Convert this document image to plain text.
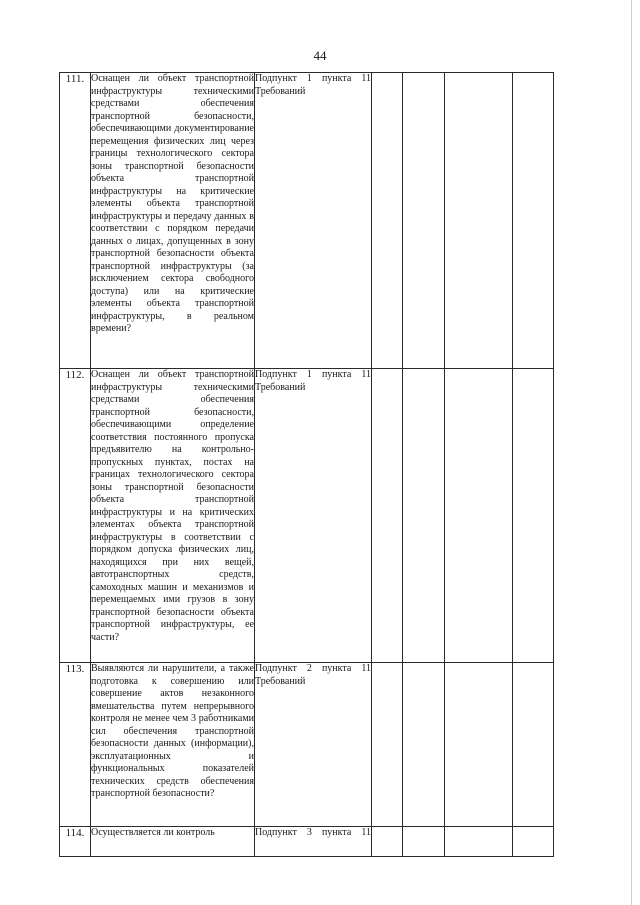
44
111.	Оснащен ли объект транспортной инфраструктуры техническими средствами обеспечения транспортной безопасности, обеспечивающими документирование перемещения физических лиц через границы технологического сектора зоны транспортной безопасности объекта транспортной инфраструктуры на критические элементы объекта транспортной инфраструктуры и передачу данных в соответствии с порядком передачи данных о лицах, допущенных в зону транспортной безопасности объекта транспортной инфраструктуры (за исключением сектора свободного доступа) или на критические элементы объекта транспортной инфраструктуры, в реальном времени?	Подпункт 1 пункта 11
Требований				

112.	Оснащен ли объект транспортной инфраструктуры техническими средствами обеспечения транспортной безопасности, обеспечивающими определение соответствия постоянного пропуска предъявителю на контрольно-пропускных пунктах, постах на границах технологического сектора зоны транспортной безопасности объекта транспортной инфраструктуры и на критических элементах объекта транспортной инфраструктуры в соответствии с порядком допуска физических лиц, находящихся при них вещей, автотранспортных средств, самоходных машин и механизмов и перемещаемых ими грузов в зону транспортной безопасности объекта транспортной инфраструктуры, ее части?	Подпункт 1 пункта 11
Требований				

113.	Выявляются ли нарушители, а также подготовка к совершению или совершение актов незаконного вмешательства путем непрерывного контроля не менее чем 3 работниками сил обеспечения транспортной безопасности данных (информации), эксплуатационных и функциональных показателей технических средств обеспечения транспортной безопасности?	Подпункт 2 пункта 11
Требований				

114.	Осуществляется ли контроль	Подпункт 3 пункта 11				
